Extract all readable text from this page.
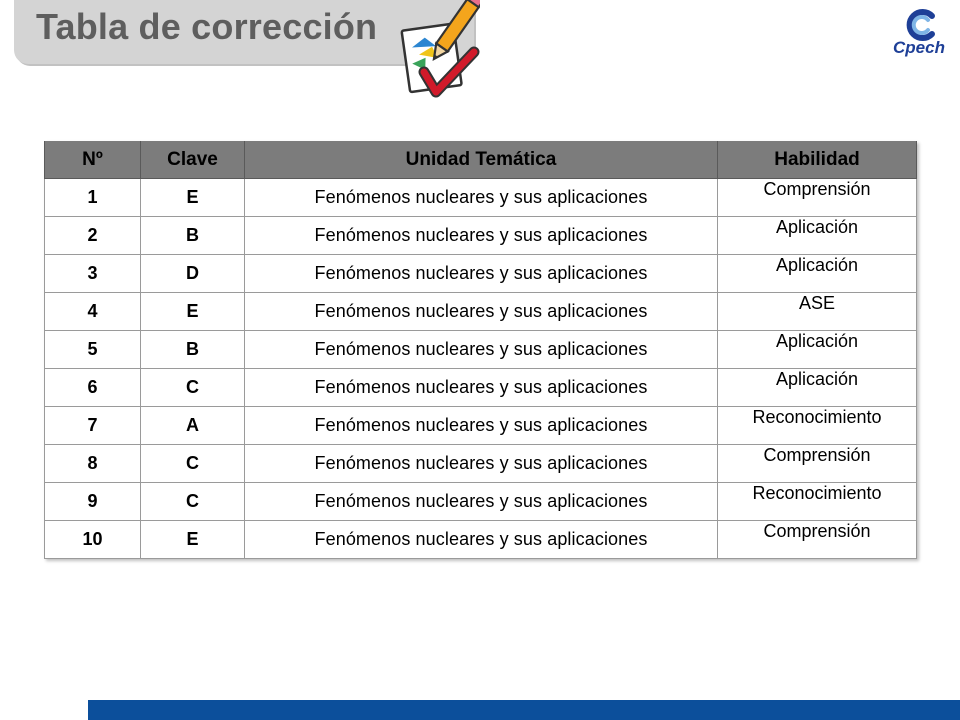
Tabla de corrección
Cpech
Nº	Clave	Unidad Temática	Habilidad
1	E	Fenómenos nucleares y sus aplicaciones	Comprensión
2	B	Fenómenos nucleares y sus aplicaciones	Aplicación
3	D	Fenómenos nucleares y sus aplicaciones	Aplicación
4	E	Fenómenos nucleares y sus aplicaciones	ASE
5	B	Fenómenos nucleares y sus aplicaciones	Aplicación
6	C	Fenómenos nucleares y sus aplicaciones	Aplicación
7	A	Fenómenos nucleares y sus aplicaciones	Reconocimiento
8	C	Fenómenos nucleares y sus aplicaciones	Comprensión
9	C	Fenómenos nucleares y sus aplicaciones	Reconocimiento
10	E	Fenómenos nucleares y sus aplicaciones	Comprensión
